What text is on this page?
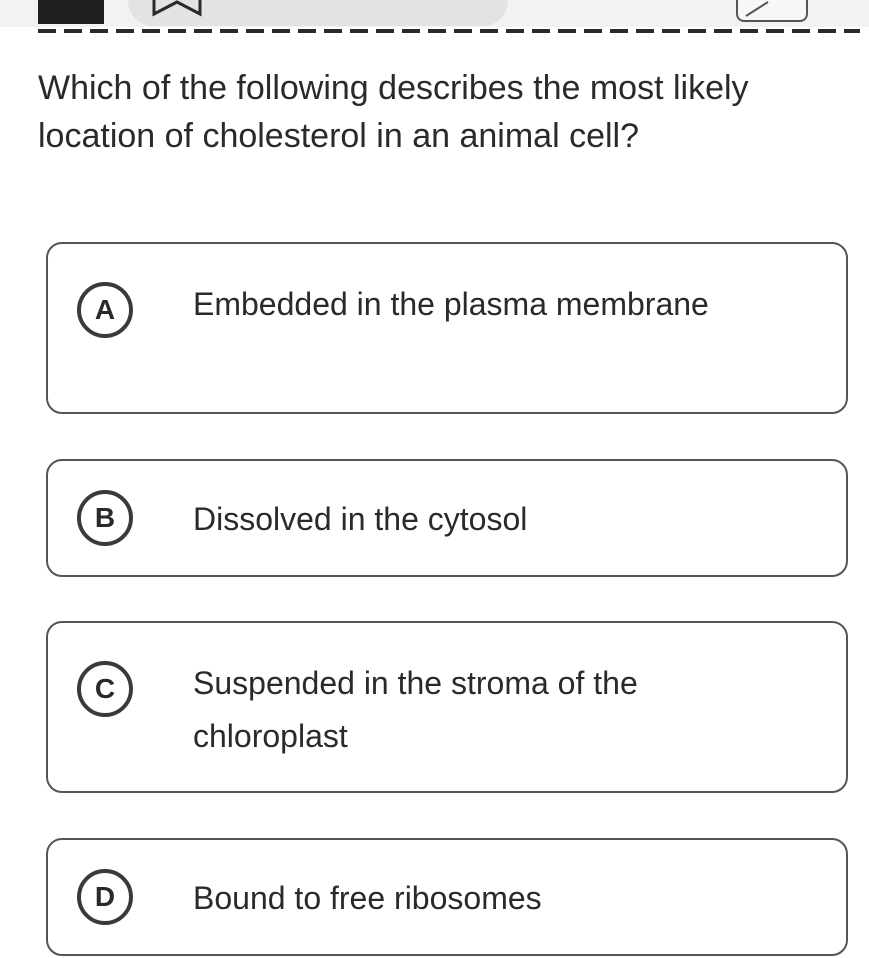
Which of the following describes the most likely location of cholesterol in an animal cell?
A	Embedded in the plasma membrane
B	Dissolved in the cytosol
C	Suspended in the stroma of the chloroplast
D	Bound to free ribosomes
